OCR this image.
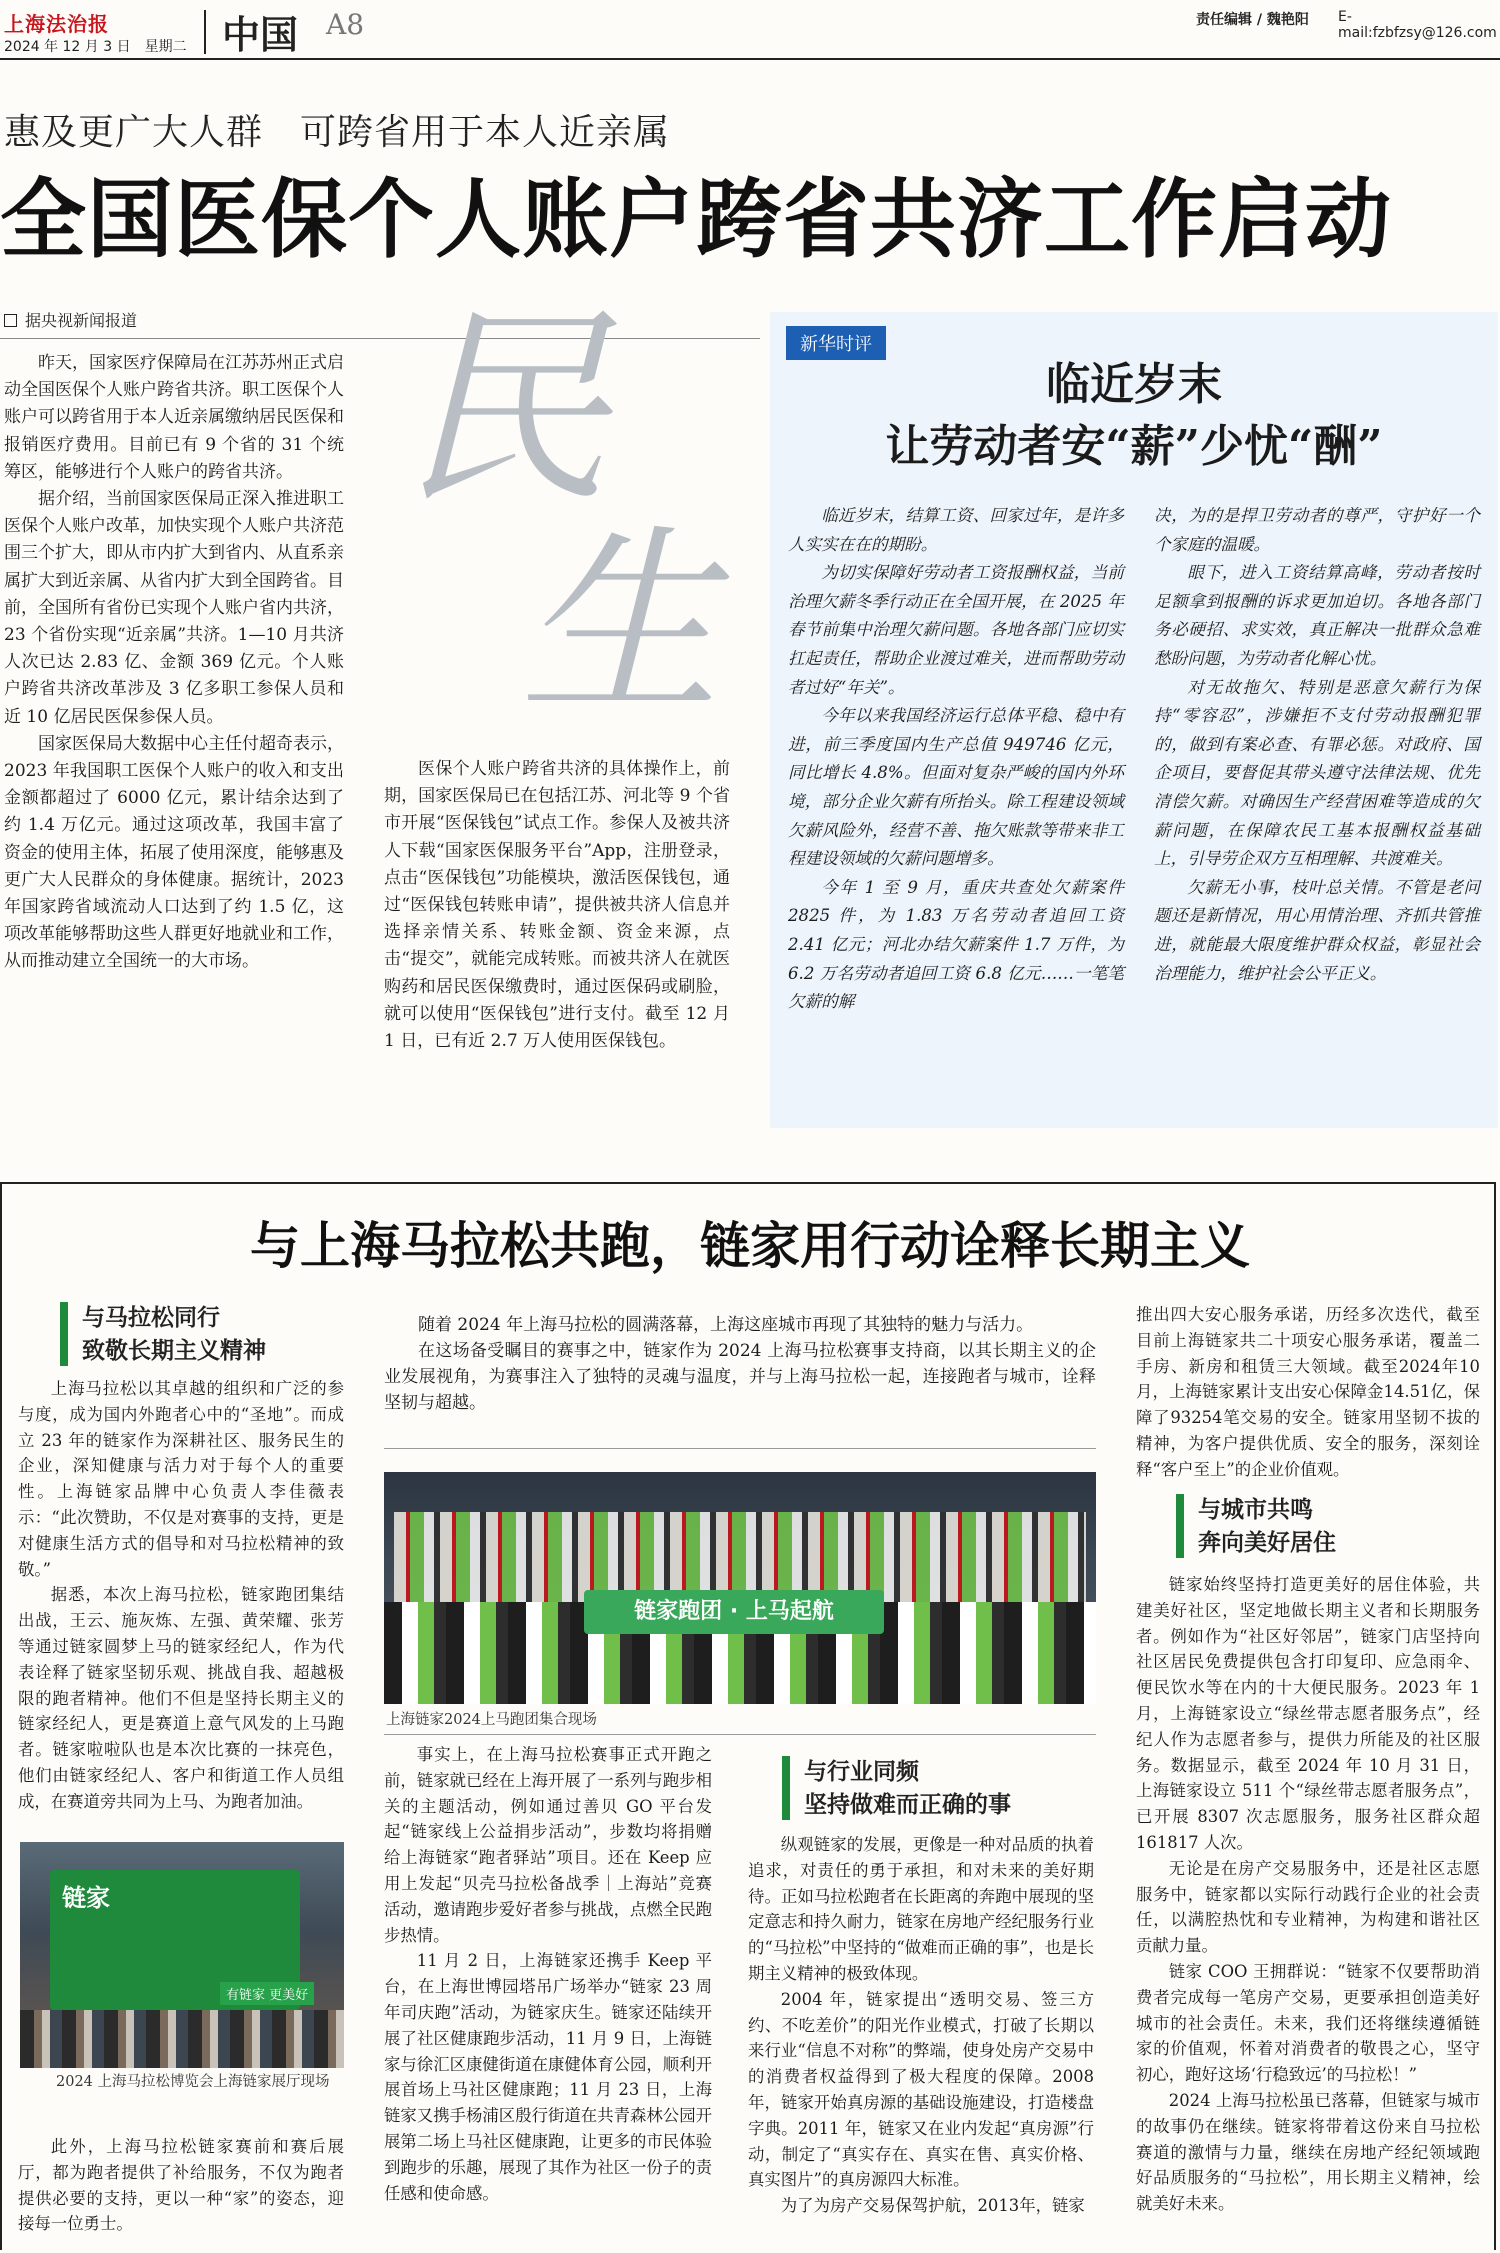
上海法治报
2024 年 12 月 3 日　星期二 中国 A8	责任编辑 / 魏艳阳 E-mail:fzbfzsy@126.com
惠及更广大人群　可跨省用于本人近亲属
全国医保个人账户跨省共济工作启动
据央视新闻报道

昨天，国家医疗保障局在江苏苏州正式启动全国医保个人账户跨省共济。职工医保个人账户可以跨省用于本人近亲属缴纳居民医保和报销医疗费用。目前已有 9 个省的 31 个统筹区，能够进行个人账户的跨省共济。

据介绍，当前国家医保局正深入推进职工医保个人账户改革，加快实现个人账户共济范围三个扩大，即从市内扩大到省内、从直系亲属扩大到近亲属、从省内扩大到全国跨省。目前，全国所有省份已实现个人账户省内共济，23 个省份实现“近亲属”共济。1—10 月共济人次已达 2.83 亿、金额 369 亿元。个人账户跨省共济改革涉及 3 亿多职工参保人员和近 10 亿居民医保参保人员。

国家医保局大数据中心主任付超奇表示，2023 年我国职工医保个人账户的收入和支出金额都超过了 6000 亿元，累计结余达到了约 1.4 万亿元。通过这项改革，我国丰富了资金的使用主体，拓展了使用深度，能够惠及更广大人民群众的身体健康。据统计，2023 年国家跨省域流动人口达到了约 1.5 亿，这项改革能够帮助这些人群更好地就业和工作，从而推动建立全国统一的大市场。

民
生

医保个人账户跨省共济的具体操作上，前期，国家医保局已在包括江苏、河北等 9 个省市开展“医保钱包”试点工作。参保人及被共济人下载“国家医保服务平台”App，注册登录，点击“医保钱包”功能模块，激活医保钱包，通过“医保钱包转账申请”，提供被共济人信息并选择亲情关系、转账金额、资金来源，点击“提交”，就能完成转账。而被共济人在就医购药和居民医保缴费时，通过医保码或刷脸，就可以使用“医保钱包”进行支付。截至 12 月 1 日，已有近 2.7 万人使用医保钱包。

新华时评
临近岁末
让劳动者安“薪”少忧“酬”

临近岁末，结算工资、回家过年，是许多人实实在在的期盼。

为切实保障好劳动者工资报酬权益，当前治理欠薪冬季行动正在全国开展，在 2025 年春节前集中治理欠薪问题。各地各部门应切实扛起责任，帮助企业渡过难关，进而帮助劳动者过好“年关”。

今年以来我国经济运行总体平稳、稳中有进，前三季度国内生产总值 949746 亿元，同比增长 4.8%。但面对复杂严峻的国内外环境，部分企业欠薪有所抬头。除工程建设领域欠薪风险外，经营不善、拖欠账款等带来非工程建设领域的欠薪问题增多。

今年 1 至 9 月，重庆共查处欠薪案件 2825 件，为 1.83 万名劳动者追回工资 2.41 亿元；河北办结欠薪案件 1.7 万件，为 6.2 万名劳动者追回工资 6.8 亿元……一笔笔欠薪的解

决，为的是捍卫劳动者的尊严，守护好一个个家庭的温暖。

眼下，进入工资结算高峰，劳动者按时足额拿到报酬的诉求更加迫切。各地各部门务必硬招、求实效，真正解决一批群众急难愁盼问题，为劳动者化解心忧。

对无故拖欠、特别是恶意欠薪行为保持“零容忍”，涉嫌拒不支付劳动报酬犯罪的，做到有案必查、有罪必惩。对政府、国企项目，要督促其带头遵守法律法规、优先清偿欠薪。对确因生产经营困难等造成的欠薪问题，在保障农民工基本报酬权益基础上，引导劳企双方互相理解、共渡难关。

欠薪无小事，枝叶总关情。不管是老问题还是新情况，用心用情治理、齐抓共管推进，就能最大限度维护群众权益，彰显社会治理能力，维护社会公平正义。

与上海马拉松共跑，链家用行动诠释长期主义
与马拉松同行
致敬长期主义精神

上海马拉松以其卓越的组织和广泛的参与度，成为国内外跑者心中的“圣地”。而成立 23 年的链家作为深耕社区、服务民生的企业，深知健康与活力对于每个人的重要性。上海链家品牌中心负责人李佳薇表示：“此次赞助，不仅是对赛事的支持，更是对健康生活方式的倡导和对马拉松精神的致敬。”

据悉，本次上海马拉松，链家跑团集结出战，王云、施灰炼、左强、黄荣耀、张芳等通过链家圆梦上马的链家经纪人，作为代表诠释了链家坚韧乐观、挑战自我、超越极限的跑者精神。他们不但是坚持长期主义的链家经纪人，更是赛道上意气风发的上马跑者。链家啦啦队也是本次比赛的一抹亮色，他们由链家经纪人、客户和街道工作人员组成，在赛道旁共同为上马、为跑者加油。

链家
有链家 更美好
2024 上海马拉松博览会上海链家展厅现场

此外，上海马拉松链家赛前和赛后展厅，都为跑者提供了补给服务，不仅为跑者提供必要的支持，更以一种“家”的姿态，迎接每一位勇士。

随着 2024 年上海马拉松的圆满落幕，上海这座城市再现了其独特的魅力与活力。

在这场备受瞩目的赛事之中，链家作为 2024 上海马拉松赛事支持商，以其长期主义的企业发展视角，为赛事注入了独特的灵魂与温度，并与上海马拉松一起，连接跑者与城市，诠释坚韧与超越。

链家跑团 · 上马起航
上海链家2024上马跑团集合现场

事实上，在上海马拉松赛事正式开跑之前，链家就已经在上海开展了一系列与跑步相关的主题活动，例如通过善贝 GO 平台发起“链家线上公益捐步活动”，步数均将捐赠给上海链家“跑者驿站”项目。还在 Keep 应用上发起“贝壳马拉松备战季｜上海站”竞赛活动，邀请跑步爱好者参与挑战，点燃全民跑步热情。

11 月 2 日，上海链家还携手 Keep 平台，在上海世博园塔吊广场举办“链家 23 周年司庆跑”活动，为链家庆生。链家还陆续开展了社区健康跑步活动，11 月 9 日，上海链家与徐汇区康健街道在康健体育公园，顺利开展首场上马社区健康跑；11 月 23 日，上海链家又携手杨浦区殷行街道在共青森林公园开展第二场上马社区健康跑，让更多的市民体验到跑步的乐趣，展现了其作为社区一份子的责任感和使命感。

与行业同频
坚持做难而正确的事

纵观链家的发展，更像是一种对品质的执着追求，对责任的勇于承担，和对未来的美好期待。正如马拉松跑者在长距离的奔跑中展现的坚定意志和持久耐力，链家在房地产经纪服务行业的“马拉松”中坚持的“做难而正确的事”，也是长期主义精神的极致体现。

2004 年，链家提出“透明交易、签三方约、不吃差价”的阳光作业模式，打破了长期以来行业“信息不对称”的弊端，使身处房产交易中的消费者权益得到了极大程度的保障。2008 年，链家开始真房源的基础设施建设，打造楼盘字典。2011 年，链家又在业内发起“真房源”行动，制定了“真实存在、真实在售、真实价格、真实图片”的真房源四大标准。

为了为房产交易保驾护航，2013年，链家

推出四大安心服务承诺，历经多次迭代，截至目前上海链家共二十项安心服务承诺，覆盖二手房、新房和租赁三大领域。截至2024年10月，上海链家累计支出安心保障金14.51亿，保障了93254笔交易的安全。链家用坚韧不拔的精神，为客户提供优质、安全的服务，深刻诠释“客户至上”的企业价值观。

与城市共鸣
奔向美好居住

链家始终坚持打造更美好的居住体验，共建美好社区，坚定地做长期主义者和长期服务者。例如作为“社区好邻居”，链家门店坚持向社区居民免费提供包含打印复印、应急雨伞、便民饮水等在内的十大便民服务。2023 年 1 月，上海链家设立“绿丝带志愿者服务点”，经纪人作为志愿者参与，提供力所能及的社区服务。数据显示，截至 2024 年 10 月 31 日，上海链家设立 511 个“绿丝带志愿者服务点”，已开展 8307 次志愿服务，服务社区群众超 161817 人次。

无论是在房产交易服务中，还是社区志愿服务中，链家都以实际行动践行企业的社会责任，以满腔热忱和专业精神，为构建和谐社区贡献力量。

链家 COO 王拥群说：“链家不仅要帮助消费者完成每一笔房产交易，更要承担创造美好城市的社会责任。未来，我们还将继续遵循链家的价值观，怀着对消费者的敬畏之心，坚守初心，跑好这场‘行稳致远’的马拉松！”

2024 上海马拉松虽已落幕，但链家与城市的故事仍在继续。链家将带着这份来自马拉松赛道的激情与力量，继续在房地产经纪领域跑好品质服务的“马拉松”，用长期主义精神，绘就美好未来。
